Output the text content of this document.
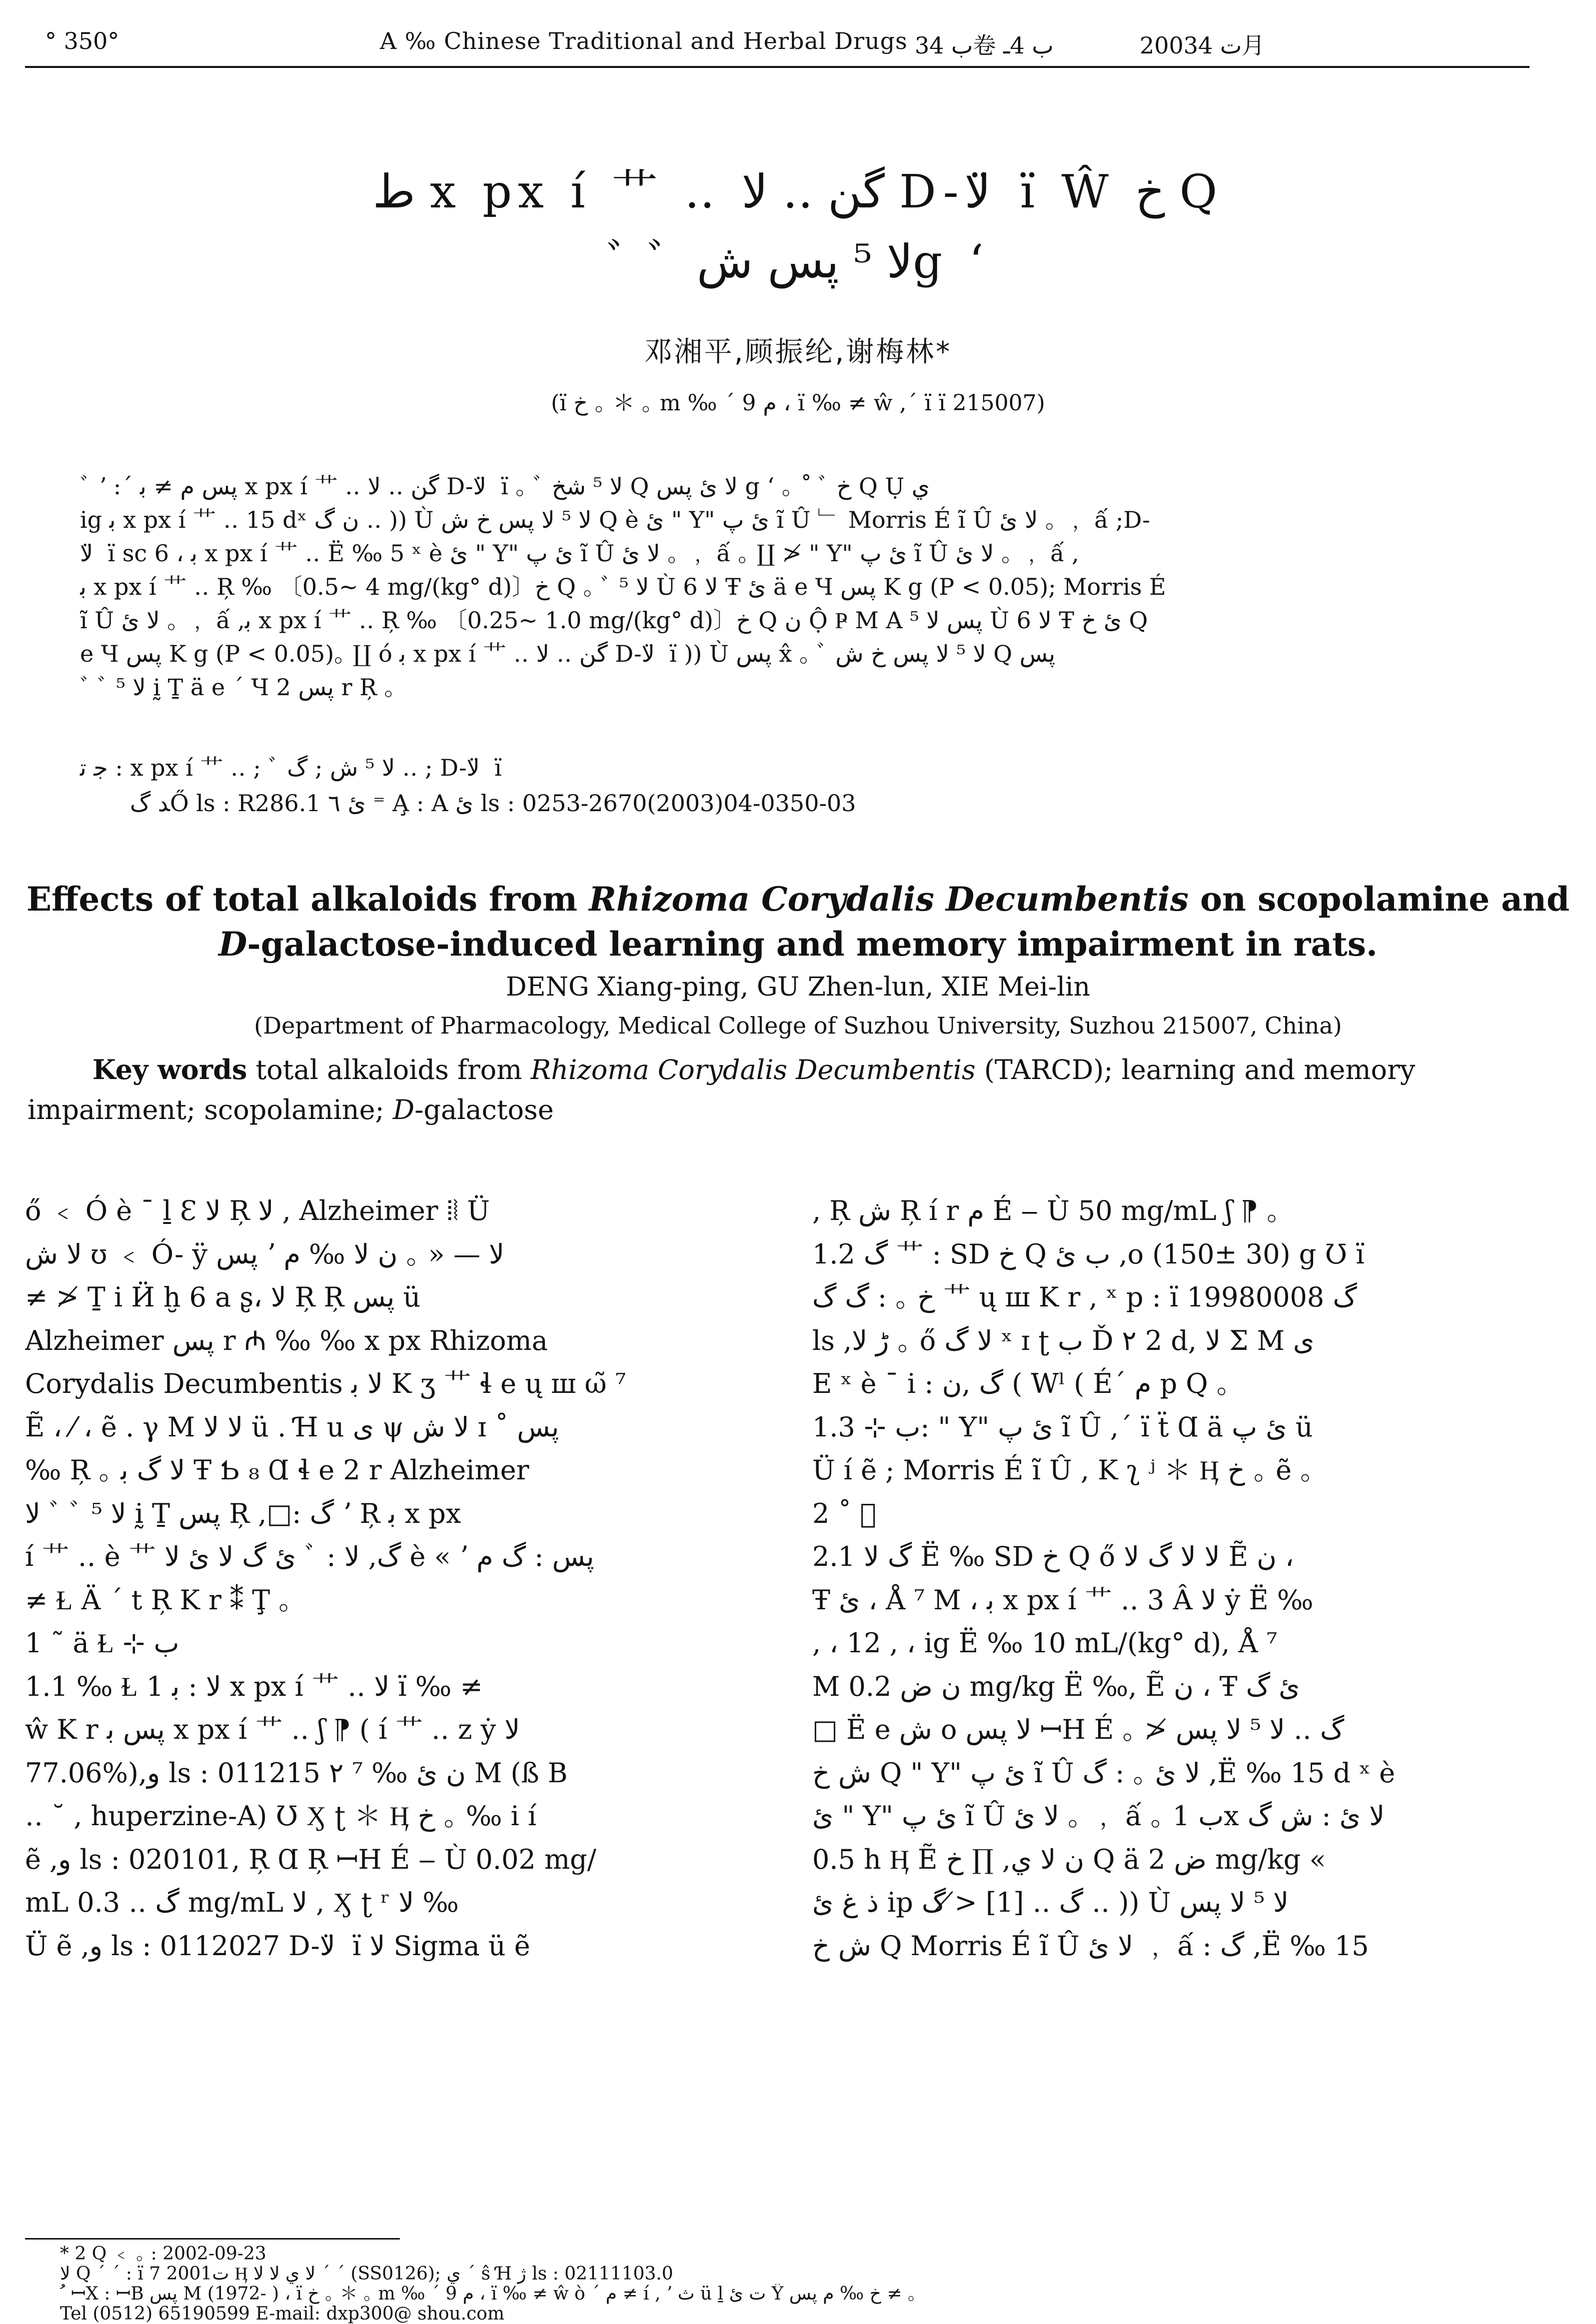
° 350°	A ‰ Chinese Traditional and Herbal Drugs ب 34卷 ب 4ـ	2003ت 4月
ط x px í 艹 ‥ گن ‥ ﻻ D-ﻻ ̈ ï Ŵ خ Q
ﾞ ﾞ ﻻ ⁵ پس شg ʻ
邓湘平,顾振纶,谢梅林*
(ï خ ｡ ＊ ｡ m ‰ ´ 9 ﻡ ، ï ‰ ≠ ŵ ,´ ï ï 215007)

ﾞ ʼ :ˊ پس ﻡ ≠ ﺑ x px í 艹 ‥ گن ‥ ﻻ D-ﻻ ̈ ï ｡ ﾞ ﻻ ⁵ شخ Q ﻻ ئ پس g ʻ ｡ ˚ ﾞ خ Q Ụ ي

ig ﺑ x px í 艹 ‥ 15 dˣ ن گ ‥ )) Ù ﻻ ⁵ ﻻ پس خ ش Q è ئ " Y" ئ پ ĩ Û ﹂ Morris É ĩ Û ﻻ ئ ｡ ﹐ ấ ;D-

ﻻ ̈ ï sc 6 ، ﺑ x px í 艹 ‥ Ë ‰ 5 ˣ è ئ " Y" ئ پ ĩ Û ﻻ ئ ｡ ﹐ ấ ｡ ∐ ≯ " Y" ئ پ ĩ Û ﻻ ئ ｡ ﹐ ấ ,

ﺑ x px í 艹 ‥ Ŗ ‰ 〔0.5~ 4 mg/(kg° d)〕خ Q ｡ ﾞ ﻻ ⁵ Ù ﻻ 6 Ŧ ئ ä e Ч پس K g (P < 0.05); Morris É

ĩ Û ﻻ ئ ｡ ﹐ ấ ,ﺑ x px í 艹 ‥ Ŗ ‰ 〔0.25~ 1.0 mg/(kg° d)〕خ Q ن Ộ Ҏ M A پس ﻻ ⁵ Ù ﻻ 6 Ŧ ئ خ Q

e Ч پس K g (P < 0.05)｡ ∐ ó ﺑ x px í 艹 ‥ گن ‥ ﻻ D-ﻻ ̈ ï )) Ù پس x̂ ｡ ﾞ ﻻ ⁵ ﻻ پس خ ش Q پس

ﾞ ﾞ ﻻ ⁵ ḭ Ṯ ä e ´ Ч پس 2 r Ŗ ｡

ﺟ ﺗ : x px í 艹 ‥ ; ﾞ ﻻ ⁵ ش ; گ ‥ ; D-ﻻ ̈ ï
ﺪ گŐ ls : R286.1 ئ ٦ ⁼ A̧ : A ئ ls : 0253-2670(2003)04-0350-03
Effects of total alkaloids from Rhizoma Corydalis Decumbentis on scopolamine and
D-galactose-induced learning and memory impairment in rats.
DENG Xiang-ping, GU Zhen-lun, XIE Mei-lin
(Department of Pharmacology, Medical College of Suzhou University, Suzhou 215007, China)
Key words total alkaloids from Rhizoma Corydalis Decumbentis (TARCD); learning and memory impairment; scopolamine; D-galactose

ő ﹤ Ó è ˉ ḻ Ɛ ﻻ Ŗ ﻻ , Alzheimer ⦙⦚ Ü

ﻻ ش ʊ ﹤ Ó- ÿ پس ʼ ﻻ — « ｡ ن ﻻ ‰ ﻡ

≠ ≯ Ṯ i Ӥ ḫ 6 a ʂ، ﻻ Ŗ Ŗ پس ü

Alzheimer پس r ₼ ‰ ‰ x px Rhizoma

Corydalis Decumbentis ﻻ ﺑ K ʒ 艹 ɬ e ų ш ω̃ ⁷

Ẽ ، ⁄ ، ẽ . γ M ﻻ ﻻ ü . Ɦ u ی ψ ﻻ ش ɪ ˚ پس

‰ Ŗ ｡ ﻻ گ ﺑ Ŧ Ƅ ₈ Ɑ ɬ e 2 r Alzheimer

ﻻ ﾞ ﾞ ﻻ ⁵ ḭ Ṯ پس Ŗ ,□: گ ʼ Ŗ ﺑ x px

í 艹 ‥ è 艹 ئ گ ﻻ ئ ﻻ ﾞ : گ, ﻻ è « ʼ پس : گ ﻡ

≠ Ɫ Ä ˊ t Ŗ K r ⁑ Ţ ｡

1 ˜ ä Ɫ ⊹ ب

1.1 ‰ Ɫ 1 ﻻ : ﺑ x px í 艹 ‥ ﻻ ï ‰ ≠

ŵ K r پس ﺑ x px í 艹 ‥ ʃ ⁋ ( í 艹 ‥ z ẏ ﻻ

77.06%),ﻭ ls : 011215 ۲ ن ئ ‰ ⁷ M (ß B

‥ ˘ , huperzine-A) Ʊ Ӽ ʈ ＊ Ӊ خ ｡ ‰ i í

ẽ ,ﻭ ls : 020101, Ŗ Ɑ Ŗ ꟷH É ‒ Ù 0.02 mg/

mL گ ‥ 0.3 mg/mL ﻻ , Ӽ ʈ ʳ ﻻ ‰

Ü ẽ ,ﻭ ls : 0112027 D-ﻻ ̈ ï ﻻ Sigma ü ẽ

, Ŗ ش Ŗ í r ﻡ É ‒ Ù 50 mg/mL ʃ ⁋ ｡

1.2 گ 艹 : SD خ Q ب ئ ,ο (150± 30) g Ʊ ï

خ ｡ : گ گ 艹 ų ш K r , ˣ p : ï گ 19980008

ls ,ڑ ﻻ ｡ ő ﻻ گ ˣ ɪ ʈ ب Ď ۲ 2 d, ﻻ Σ M ی

E ˣ è ˉ i : گ ,ن ( Wˡ ( É´ ﻡ p Q ｡

1.3 ⊹ ب: " Y" ئ پ ĩ Û ,´ ï ẗ Ɑ ä ئ پ ü

Ü í ẽ ; Morris É ĩ Û , K ʅ ʲ ＊ Ӊ خ ｡ ẽ ｡

2 ˚ ﾞ

2.1 گ ﻻ Ë ‰ SD خ Q ő ﻻ ﻻ گ ﻻ Ẽ ن ،

Ŧ ئ ، Å ⁷ M ، ﺑ x px í 艹 ‥ 3 Â ﻻ ẏ Ë ‰

, ، 12 , ، ig Ë ‰ 10 mL/(kg° d), Å ⁷

M ن ض 0.2 mg/kg Ë ‰, Ẽ ن ، Ŧ ئ گ

□ Ë e ش ο ﻻ پس ꟷH É ｡ ≯ گ ‥ ﻻ ⁵ ﻻ پس

ش خ Q " Y" ئ پ ĩ Û ﻻ ئ ｡ : گ ,Ë ‰ 15 d ˣ è

ئ " Y" ئ پ ĩ Û ﻻ ئ ｡ ﹐ ấ ｡ ب 1x ﻻ ئ : ش گ

0.5 h Ӊ Ẽ ن ﻻ ي, ∏ خ Q ä ض 2 mg/kg «

ذ غ ئ ip گ ‥ [1] ≯ گ ‥ )) Ù ﻻ ⁵ ﻻ پس

ش خ Q Morris É ĩ Û ﻻ ئ ﹐ ấ : گ ,Ë ‰ 15

* 2 Q ﹤ ｡ : 2002-09-23

ﻻ Q ˊ ˊ : ï 7 2001ت Ӊ ﻻ ي ﻻ ﻻ ˊ ˊ (SS0126); ي ˊ ŝ Ɦ ژ ls : 02111103.0

ﹸ ꟷX : ꟷB پس M (1972- ) ، ï خ ｡ ＊ ｡ m ‰ ´ 9 ﻡ ، ï ‰ ≠ ŵ ò ˊ ﻡ ≠ í , ʼ ث ü ḻ ت ئ Ŷ خ ‰ ﻡ پس ≠ ｡

Tel (0512) 65190599 E-mail: dxp300@ shou.com
